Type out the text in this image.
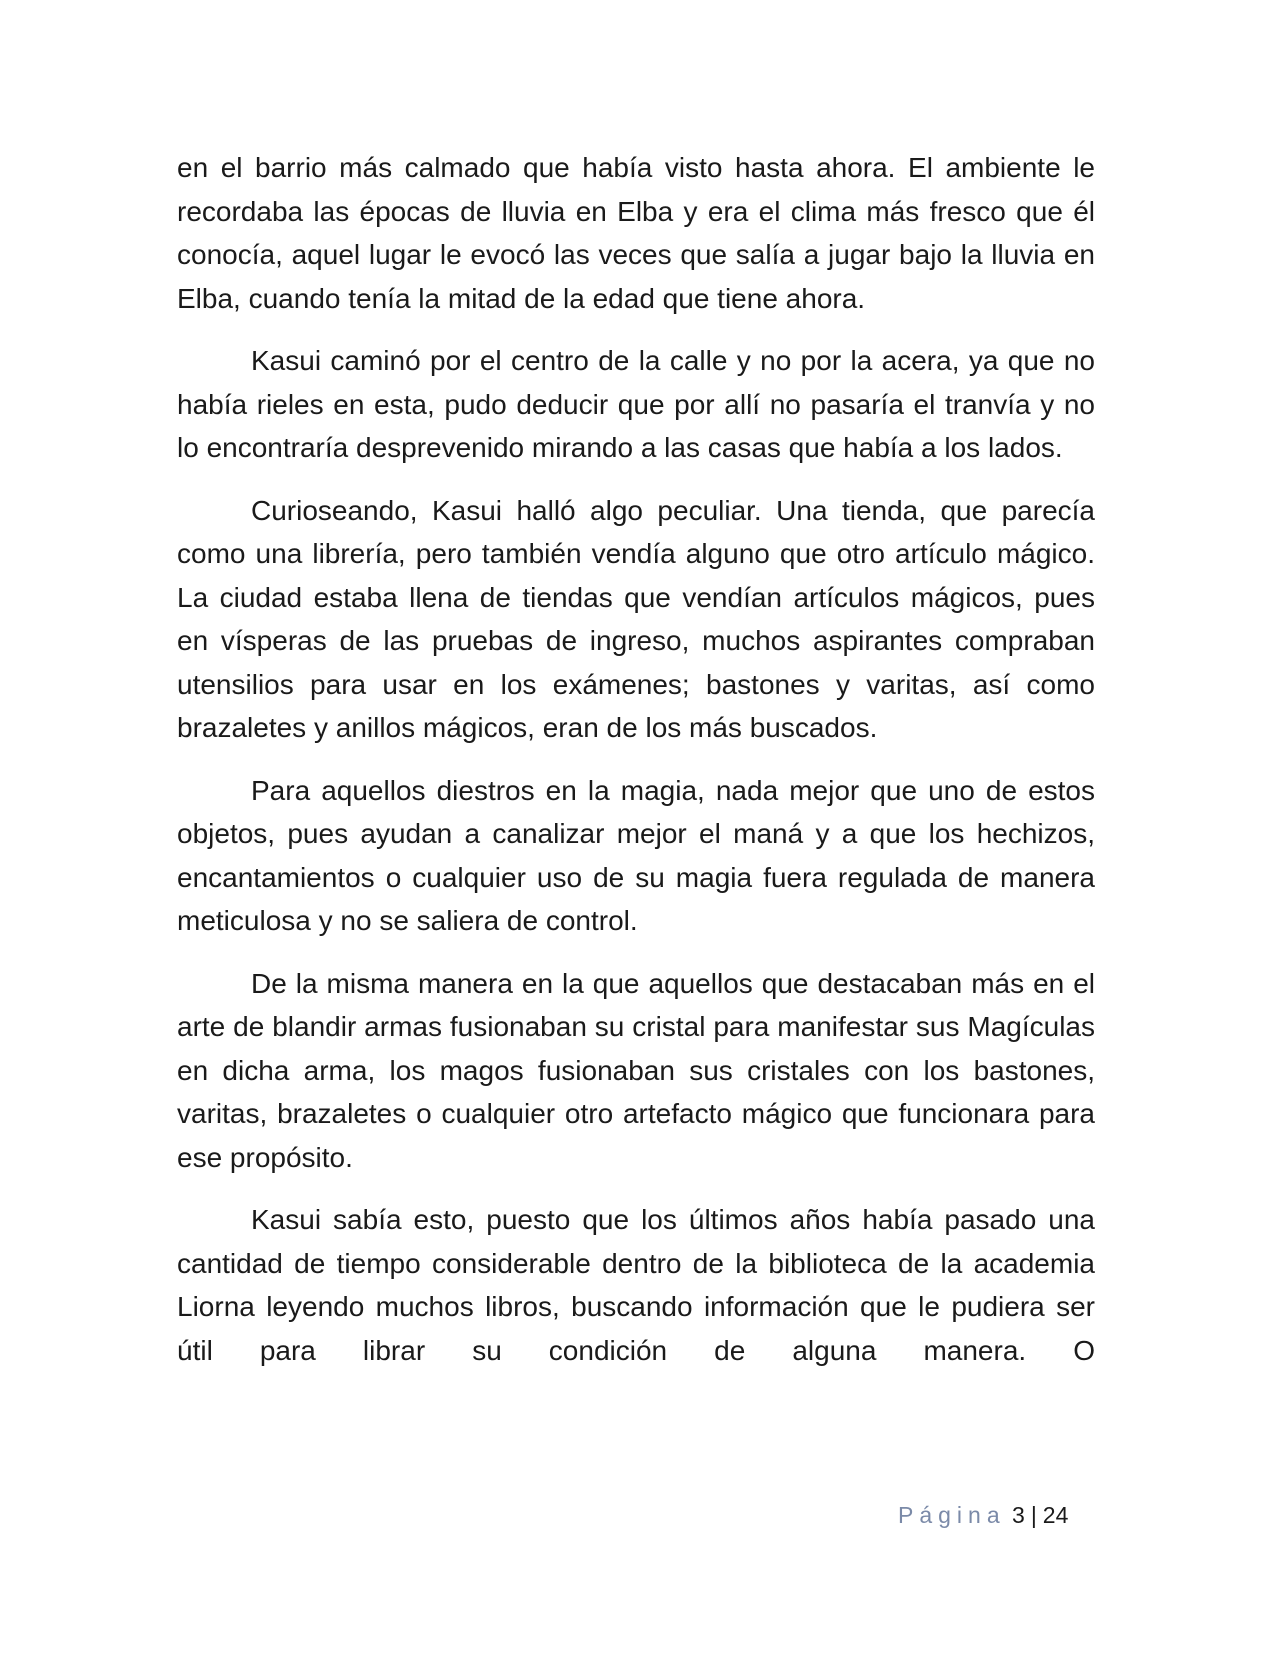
en el barrio más calmado que había visto hasta ahora. El ambiente le recordaba las épocas de lluvia en Elba y era el clima más fresco que él conocía, aquel lugar le evocó las veces que salía a jugar bajo la lluvia en Elba, cuando tenía la mitad de la edad que tiene ahora.

Kasui caminó por el centro de la calle y no por la acera, ya que no había rieles en esta, pudo deducir que por allí no pasaría el tranvía y no lo encontraría desprevenido mirando a las casas que había a los lados.

Curioseando, Kasui halló algo peculiar. Una tienda, que parecía como una librería, pero también vendía alguno que otro artículo mágico. La ciudad estaba llena de tiendas que vendían artículos mágicos, pues en vísperas de las pruebas de ingreso, muchos aspirantes compraban utensilios para usar en los exámenes; bastones y varitas, así como brazaletes y anillos mágicos, eran de los más buscados.

Para aquellos diestros en la magia, nada mejor que uno de estos objetos, pues ayudan a canalizar mejor el maná y a que los hechizos, encantamientos o cualquier uso de su magia fuera regulada de manera meticulosa y no se saliera de control.

De la misma manera en la que aquellos que destacaban más en el arte de blandir armas fusionaban su cristal para manifestar sus Magículas en dicha arma, los magos fusionaban sus cristales con los bastones, varitas, brazaletes o cualquier otro artefacto mágico que funcionara para ese propósito.

Kasui sabía esto, puesto que los últimos años había pasado una cantidad de tiempo considerable dentro de la biblioteca de la academia Liorna leyendo muchos libros, buscando información que le pudiera ser útil para librar su condición de alguna manera. O

Página 3 | 24
